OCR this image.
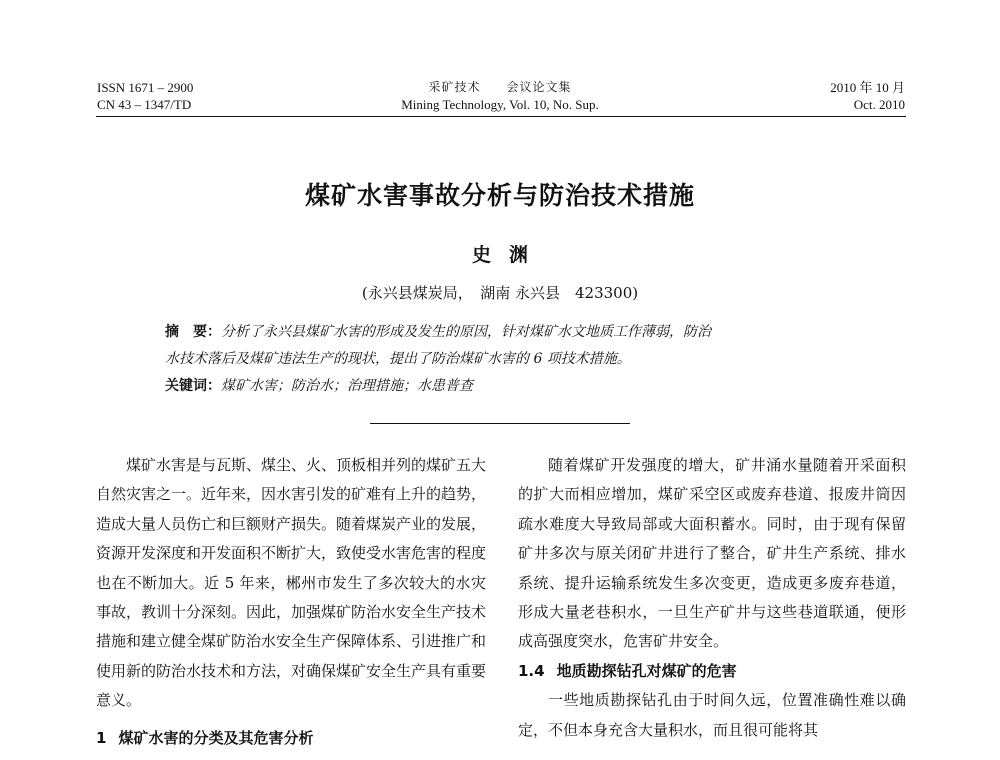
ISSN 1671 – 2900
CN 43 – 1347/TD
采矿技术　　会议论文集
Mining Technology, Vol. 10, No. Sup.
2010 年 10 月
Oct. 2010
煤矿水害事故分析与防治技术措施
史渊
(永兴县煤炭局，　湖南 永兴县　423300)
摘　要：分析了永兴县煤矿水害的形成及发生的原因，针对煤矿水文地质工作薄弱，防治
水技术落后及煤矿违法生产的现状，提出了防治煤矿水害的 6 项技术措施。
关键词：煤矿水害；防治水；治理措施；水患普查

煤矿水害是与瓦斯、煤尘、火、顶板相并列的煤矿五大自然灾害之一。近年来，因水害引发的矿难有上升的趋势，造成大量人员伤亡和巨额财产损失。随着煤炭产业的发展，资源开发深度和开发面积不断扩大，致使受水害危害的程度也在不断加大。近 5 年来，郴州市发生了多次较大的水灾事故，教训十分深刻。因此，加强煤矿防治水安全生产技术措施和建立健全煤矿防治水安全生产保障体系、引进推广和使用新的防治水技术和方法，对确保煤矿安全生产具有重要意义。

1 煤矿水害的分类及其危害分析

随着煤矿开发强度的增大，矿井涌水量随着开采面积的扩大而相应增加，煤矿采空区或废弃巷道、报废井筒因疏水难度大导致局部或大面积蓄水。同时，由于现有保留矿井多次与原关闭矿井进行了整合，矿井生产系统、排水系统、提升运输系统发生多次变更，造成更多废弃巷道，形成大量老巷积水，一旦生产矿井与这些巷道联通，便形成高强度突水，危害矿井安全。

1.4 地质勘探钻孔对煤矿的危害

一些地质勘探钻孔由于时间久远，位置准确性难以确定，不但本身充含大量积水，而且很可能将其
